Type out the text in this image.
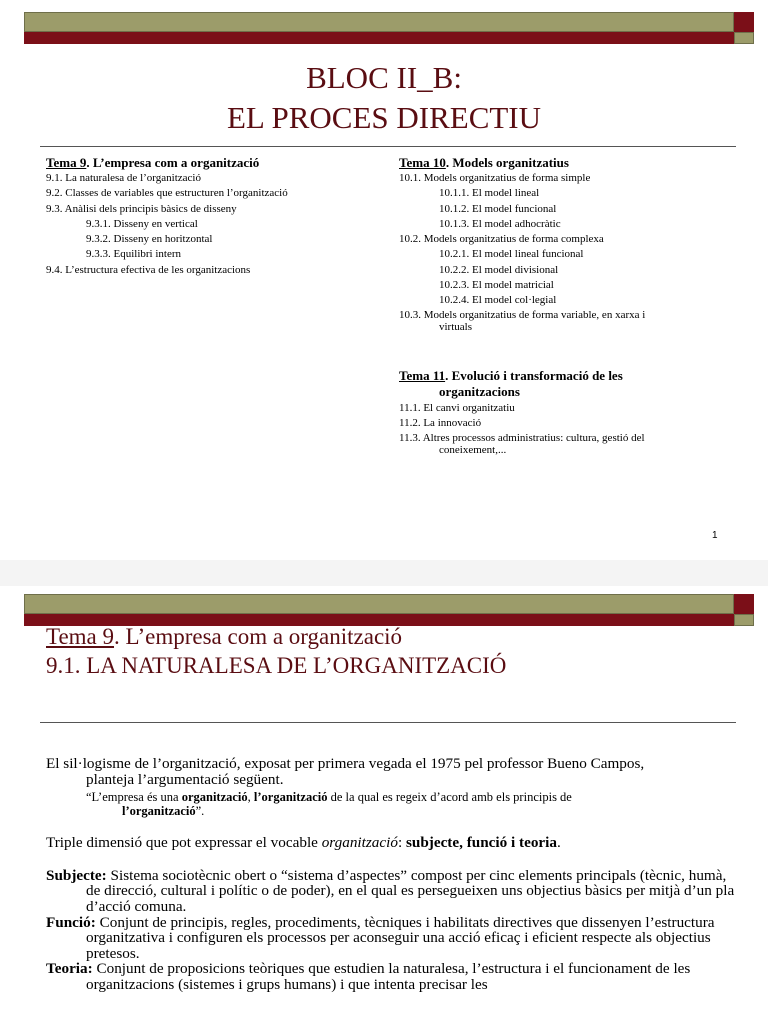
BLOC II_B:
EL PROCES DIRECTIU
Tema 9. L’empresa com a organització
9.1. La naturalesa de l’organització
9.2. Classes de variables que estructuren l’organització
9.3. Anàlisi dels principis bàsics de disseny
9.3.1. Disseny en vertical
9.3.2. Disseny en horitzontal
9.3.3. Equilibri intern
9.4. L’estructura efectiva de les organitzacions
Tema 10. Models organitzatius
10.1. Models organitzatius de forma simple
10.1.1. El model lineal
10.1.2. El model funcional
10.1.3. El model adhocràtic
10.2. Models organitzatius de forma complexa
10.2.1. El model lineal funcional
10.2.2. El model divisional
10.2.3. El model matricial
10.2.4. El model col·legial
10.3. Models organitzatius de forma variable, en xarxa i
virtuals
Tema 11. Evolució i transformació de les
organitzacions
11.1. El canvi organitzatiu
11.2. La innovació
11.3. Altres processos administratius: cultura, gestió del
coneixement,...
1
Tema 9. L’empresa com a organització
9.1. LA NATURALESA DE L’ORGANITZACIÓ

El sil·logisme de l’organització, exposat per primera vegada el 1975 pel professor Bueno Campos,

planteja l’argumentació següent.

“L’empresa és una organització, l’organització de la qual es regeix d’acord amb els principis de
l’organització”.

Triple dimensió que pot expressar el vocable organització: subjecte, funció i teoria.

Subjecte: Sistema sociotècnic obert o “sistema d’aspectes” compost per cinc elements principals (tècnic, humà, de direcció, cultural i polític o de poder), en el qual es persegueixen uns objectius bàsics per mitjà d’un pla d’acció comuna.

Funció: Conjunt de principis, regles, procediments, tècniques i habilitats directives que dissenyen l’estructura organitzativa i configuren els processos per aconseguir una acció eficaç i eficient respecte als objectius pretesos.

Teoria: Conjunt de proposicions teòriques que estudien la naturalesa, l’estructura i el funcionament de les organitzacions (sistemes i grups humans) i que intenta precisar les
